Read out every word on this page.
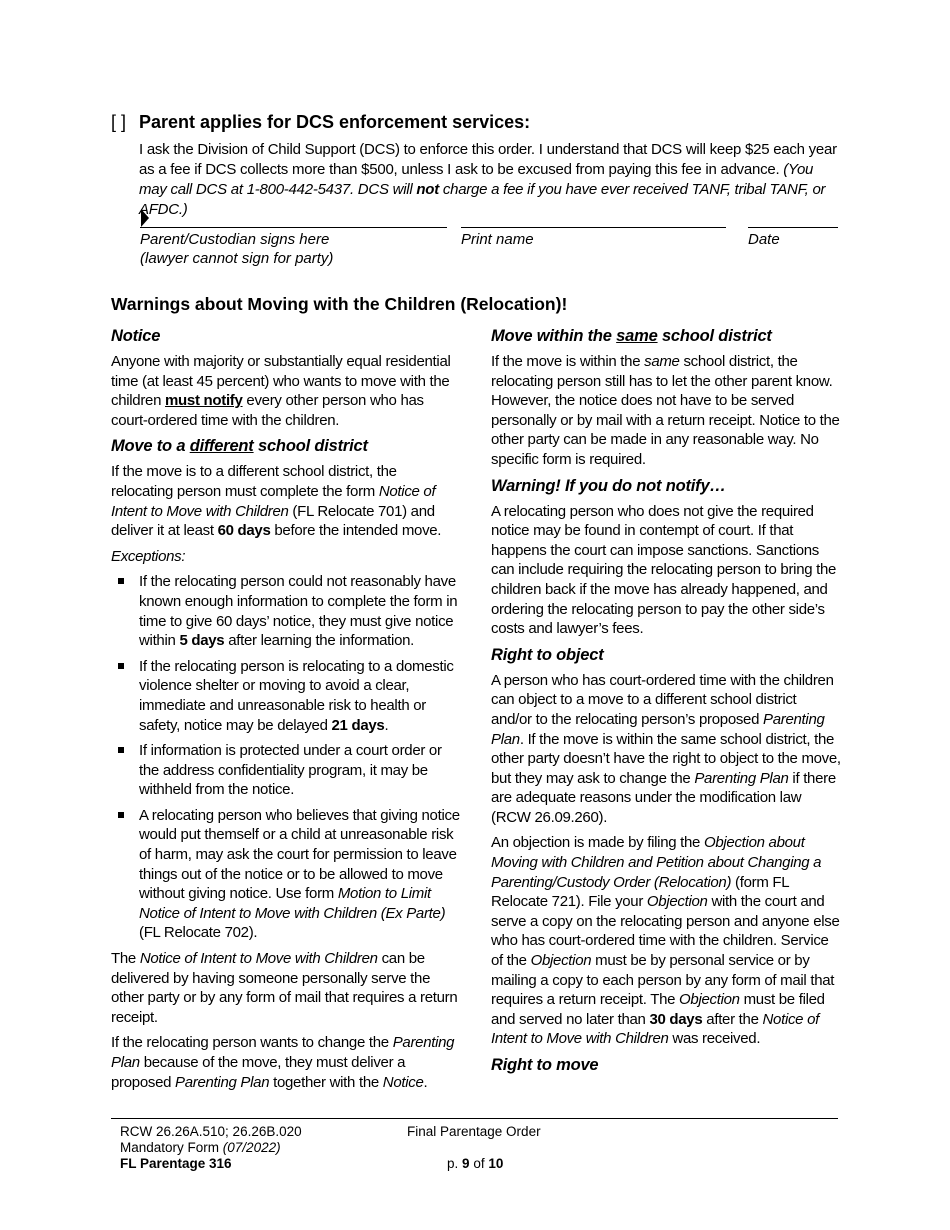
[ ] Parent applies for DCS enforcement services:

I ask the Division of Child Support (DCS) to enforce this order. I understand that DCS will keep $25 each year as a fee if DCS collects more than $500, unless I ask to be excused from paying this fee in advance. (You may call DCS at 1-800-442-5437. DCS will not charge a fee if you have ever received TANF, tribal TANF, or AFDC.)

Parent/Custodian signs here
(lawyer cannot sign for party)
Print name	Date
Warnings about Moving with the Children (Relocation)!
Notice

Anyone with majority or substantially equal residential time (at least 45 percent) who wants to move with the children must notify every other person who has court-ordered time with the children.

Move to a different school district

If the move is to a different school district, the relocating person must complete the form Notice of Intent to Move with Children (FL Relocate 701) and deliver it at least 60 days before the intended move.

Exceptions:

If the relocating person could not reasonably have known enough information to complete the form in time to give 60 days’ notice, they must give notice within 5 days after learning the information.
If the relocating person is relocating to a domestic violence shelter or moving to avoid a clear, immediate and unreasonable risk to health or safety, notice may be delayed 21 days.
If information is protected under a court order or the address confidentiality program, it may be withheld from the notice.
A relocating person who believes that giving notice would put themself or a child at unreasonable risk of harm, may ask the court for permission to leave things out of the notice or to be allowed to move without giving notice. Use form Motion to Limit Notice of Intent to Move with Children (Ex Parte) (FL Relocate 702).

The Notice of Intent to Move with Children can be delivered by having someone personally serve the other party or by any form of mail that requires a return receipt.

If the relocating person wants to change the Parenting Plan because of the move, they must deliver a proposed Parenting Plan together with the Notice.

Move within the same school district

If the move is within the same school district, the relocating person still has to let the other parent know. However, the notice does not have to be served personally or by mail with a return receipt. Notice to the other party can be made in any reasonable way. No specific form is required.

Warning! If you do not notify…

A relocating person who does not give the required notice may be found in contempt of court. If that happens the court can impose sanctions. Sanctions can include requiring the relocating person to bring the children back if the move has already happened, and ordering the relocating person to pay the other side’s costs and lawyer’s fees.

Right to object

A person who has court-ordered time with the children can object to a move to a different school district and/or to the relocating person’s proposed Parenting Plan. If the move is within the same school district, the other party doesn’t have the right to object to the move, but they may ask to change the Parenting Plan if there are adequate reasons under the modification law (RCW 26.09.260).

An objection is made by filing the Objection about Moving with Children and Petition about Changing a Parenting/Custody Order (Relocation) (form FL Relocate 721). File your Objection with the court and serve a copy on the relocating person and anyone else who has court-ordered time with the children. Service of the Objection must be by personal service or by mailing a copy to each person by any form of mail that requires a return receipt. The Objection must be filed and served no later than 30 days after the Notice of Intent to Move with Children was received.

Right to move
RCW 26.26A.510; 26.26B.020
Mandatory Form (07/2022)
FL Parentage 316
Final Parentage Order
p. 9 of 10
